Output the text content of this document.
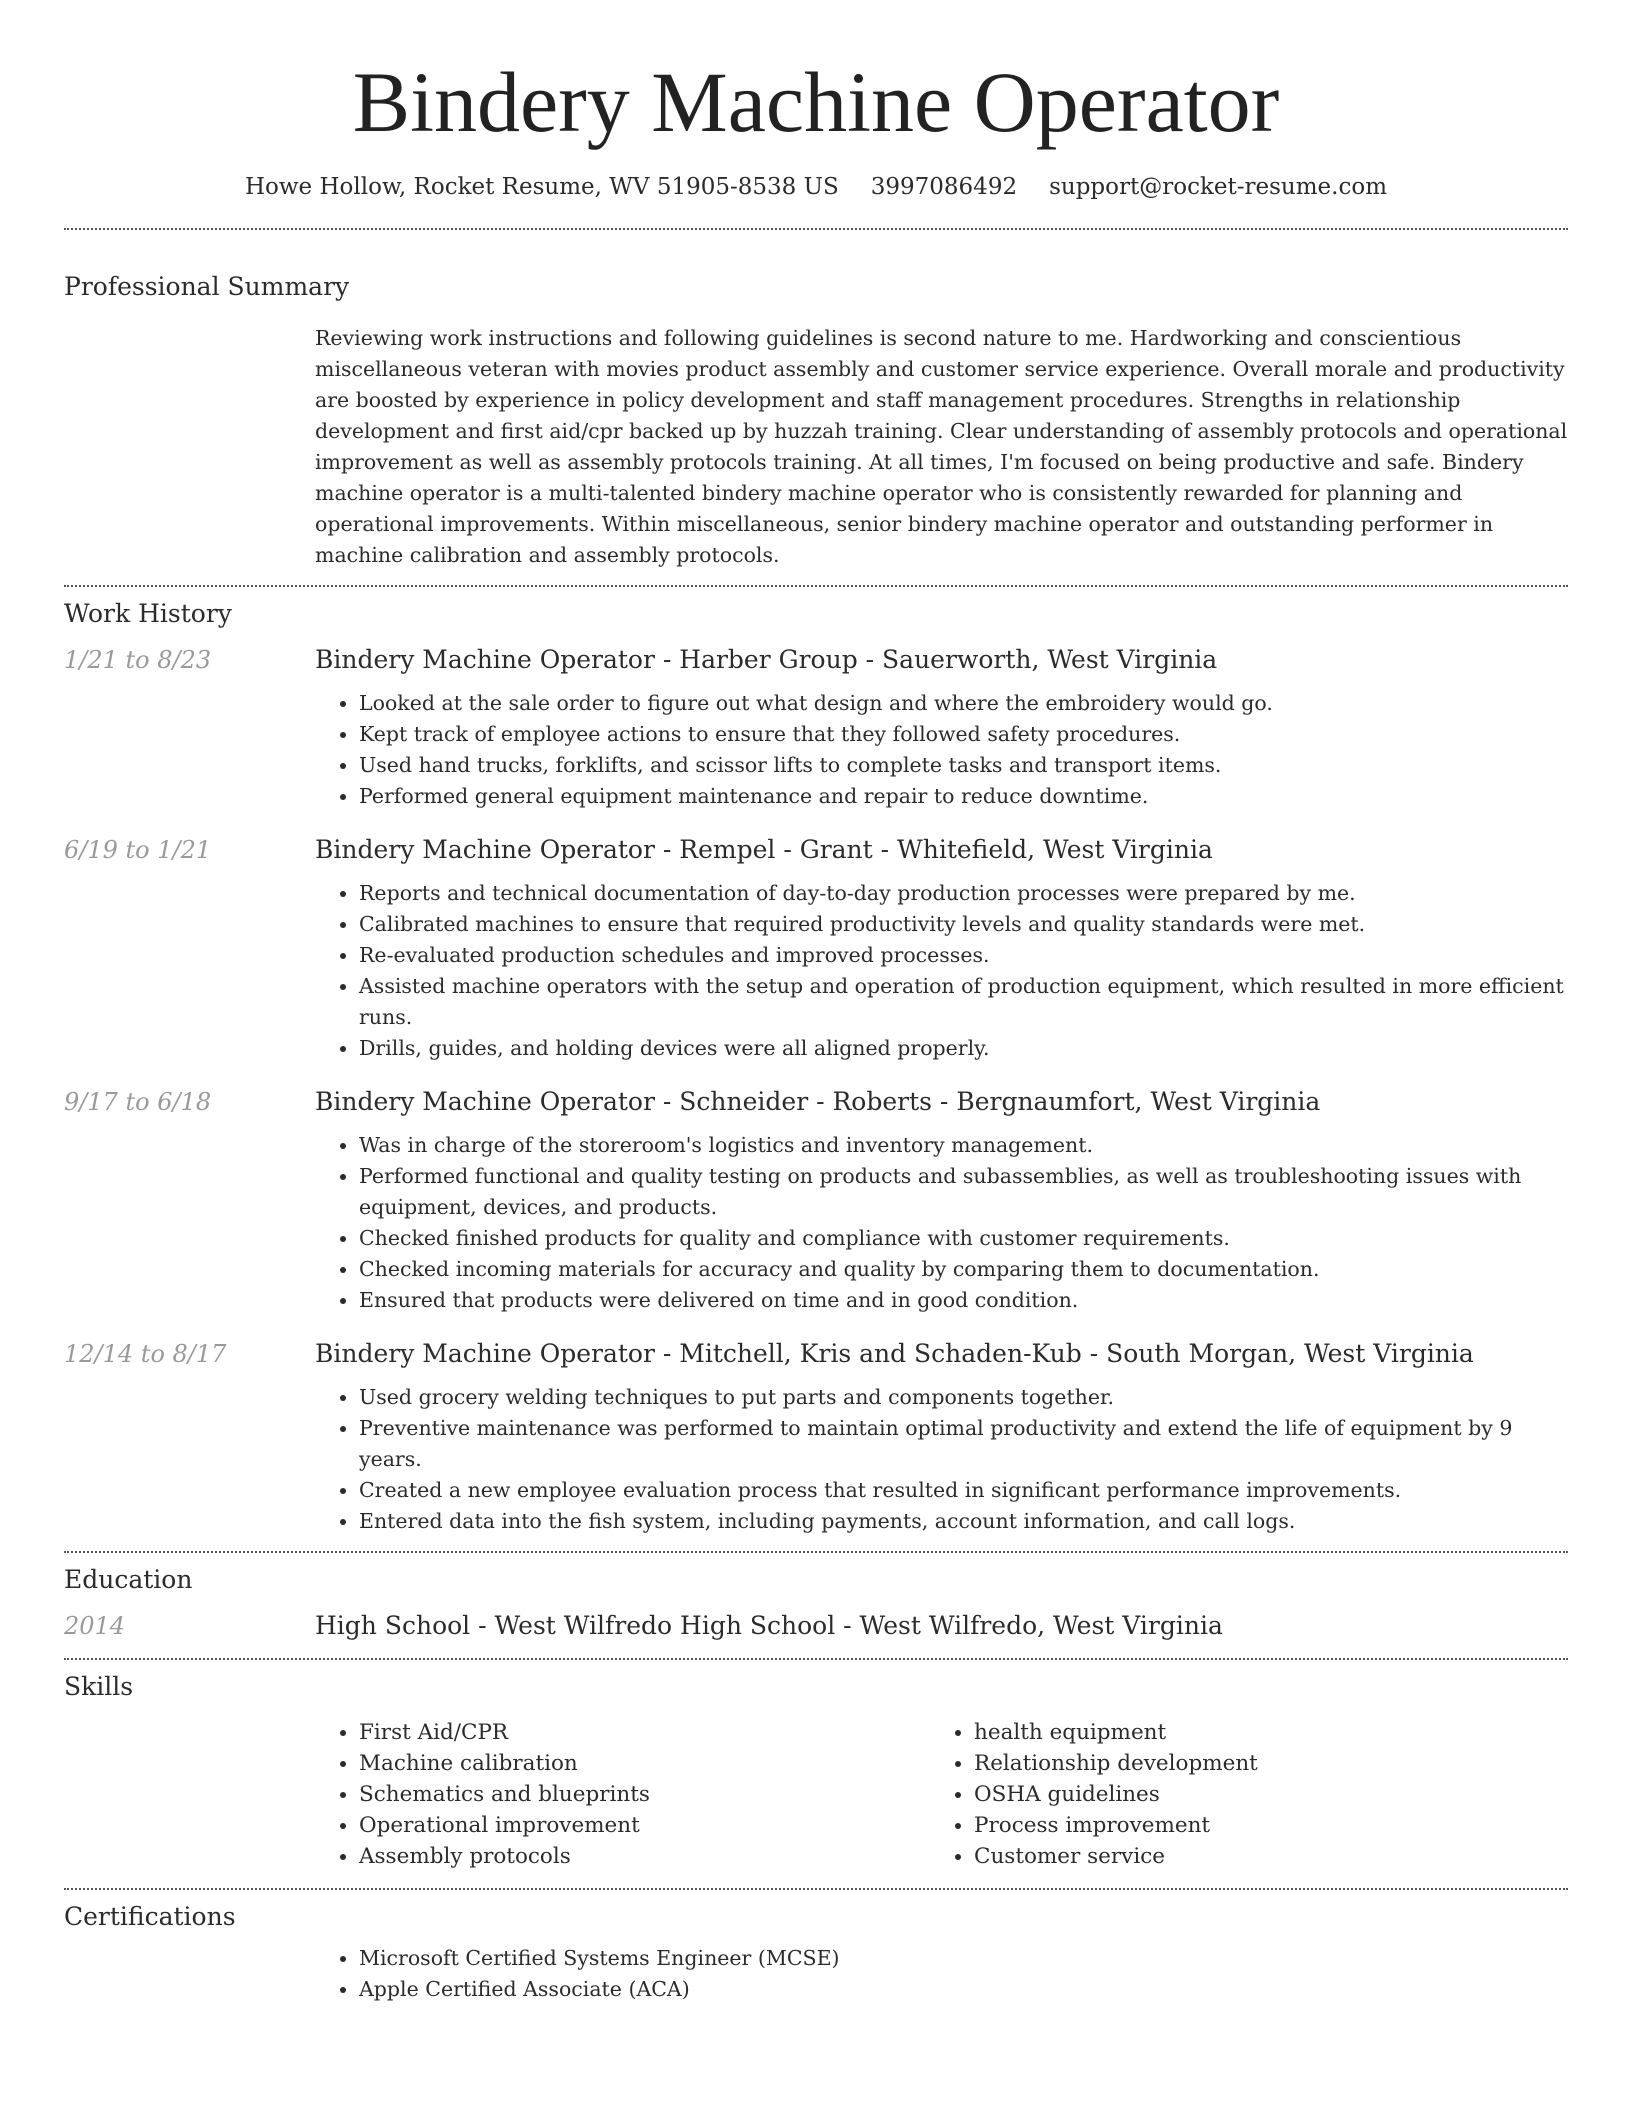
Bindery Machine Operator
Howe Hollow, Rocket Resume, WV 51905-8538 US 3997086492 support@rocket-resume.com
Professional Summary

Reviewing work instructions and following guidelines is second nature to me. Hardworking and conscientious miscellaneous veteran with movies product assembly and customer service experience. Overall morale and productivity are boosted by experience in policy development and staff management procedures. Strengths in relationship development and first aid/cpr backed up by huzzah training. Clear understanding of assembly protocols and operational improvement as well as assembly protocols training. At all times, I'm focused on being productive and safe. Bindery machine operator is a multi-talented bindery machine operator who is consistently rewarded for planning and operational improvements. Within miscellaneous, senior bindery machine operator and outstanding performer in machine calibration and assembly protocols.

Work History
1/21 to 8/23	Bindery Machine Operator - Harber Group - Sauerworth, West Virginia
• Looked at the sale order to figure out what design and where the embroidery would go.
• Kept track of employee actions to ensure that they followed safety procedures.
• Used hand trucks, forklifts, and scissor lifts to complete tasks and transport items.
• Performed general equipment maintenance and repair to reduce downtime.
6/19 to 1/21	Bindery Machine Operator - Rempel - Grant - Whitefield, West Virginia
• Reports and technical documentation of day-to-day production processes were prepared by me.
• Calibrated machines to ensure that required productivity levels and quality standards were met.
• Re-evaluated production schedules and improved processes.
• Assisted machine operators with the setup and operation of production equipment, which resulted in more efficient runs.
• Drills, guides, and holding devices were all aligned properly.
9/17 to 6/18	Bindery Machine Operator - Schneider - Roberts - Bergnaumfort, West Virginia
• Was in charge of the storeroom's logistics and inventory management.
• Performed functional and quality testing on products and subassemblies, as well as troubleshooting issues with equipment, devices, and products.
• Checked finished products for quality and compliance with customer requirements.
• Checked incoming materials for accuracy and quality by comparing them to documentation.
• Ensured that products were delivered on time and in good condition.
12/14 to 8/17	Bindery Machine Operator - Mitchell, Kris and Schaden-Kub - South Morgan, West Virginia
• Used grocery welding techniques to put parts and components together.
• Preventive maintenance was performed to maintain optimal productivity and extend the life of equipment by 9 years.
• Created a new employee evaluation process that resulted in significant performance improvements.
• Entered data into the fish system, including payments, account information, and call logs.
Education
2014	High School - West Wilfredo High School - West Wilfredo, West Virginia
Skills
• First Aid/CPR
• Machine calibration
• Schematics and blueprints
• Operational improvement
• Assembly protocols
• health equipment
• Relationship development
• OSHA guidelines
• Process improvement
• Customer service
Certifications
• Microsoft Certified Systems Engineer (MCSE)
• Apple Certified Associate (ACA)
